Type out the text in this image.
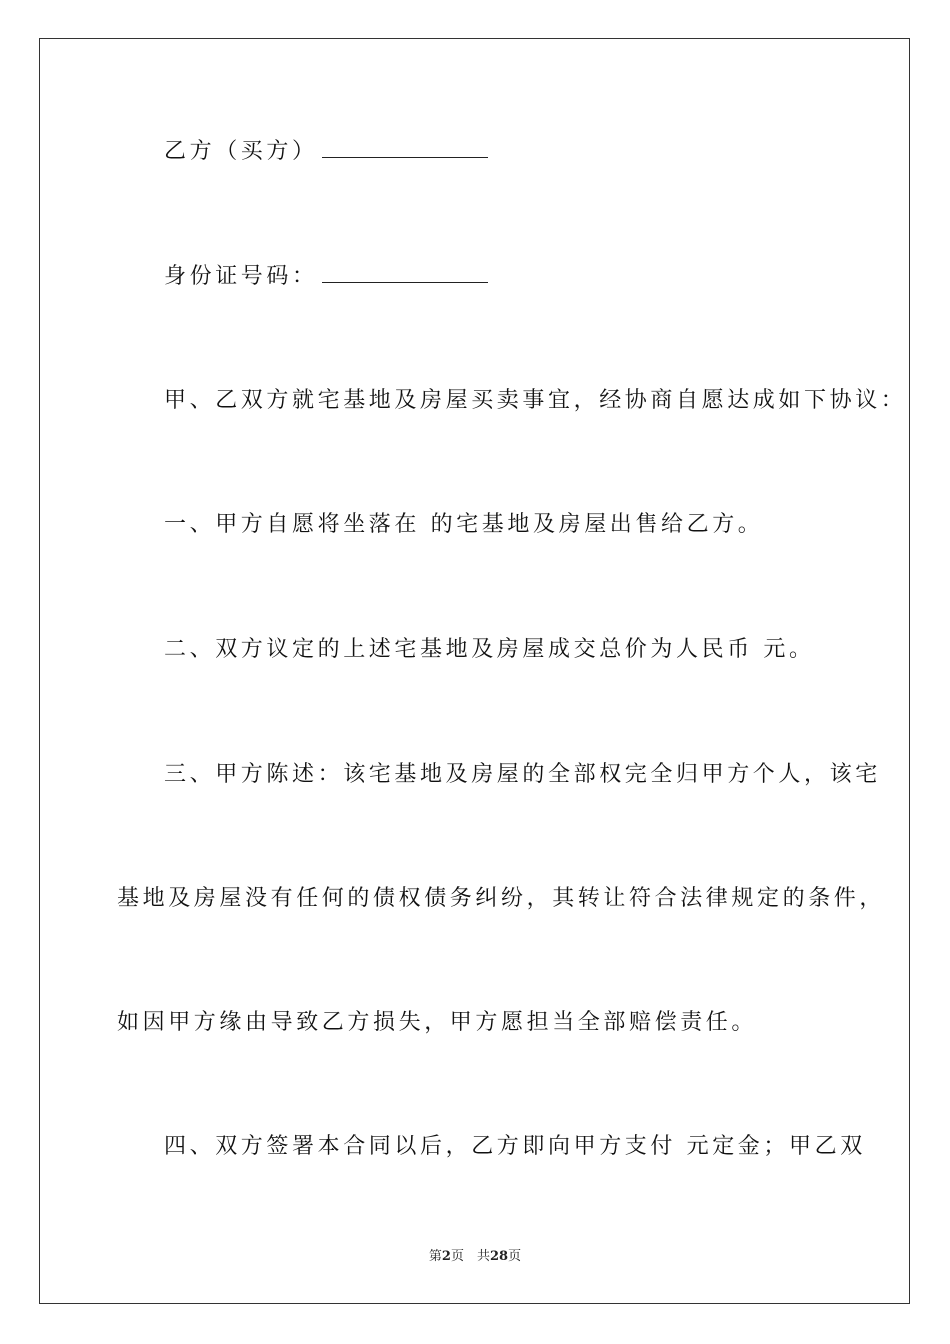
乙方（买方）
身份证号码：
甲、乙双方就宅基地及房屋买卖事宜，经协商自愿达成如下协议：
一、甲方自愿将坐落在 的宅基地及房屋出售给乙方。
二、双方议定的上述宅基地及房屋成交总价为人民币 元。
三、甲方陈述：该宅基地及房屋的全部权完全归甲方个人，该宅
基地及房屋没有任何的债权债务纠纷，其转让符合法律规定的条件，
如因甲方缘由导致乙方损失，甲方愿担当全部赔偿责任。
四、双方签署本合同以后，乙方即向甲方支付 元定金；甲乙双
第2页　共28页
